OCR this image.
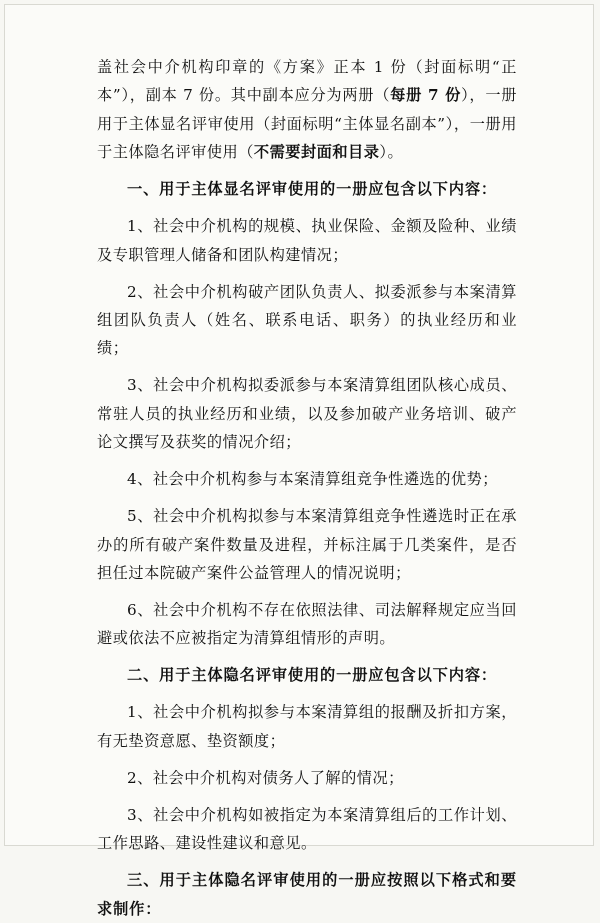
盖社会中介机构印章的《方案》正本 1 份（封面标明“正本”），副本 7 份。其中副本应分为两册（每册 7 份），一册用于主体显名评审使用（封面标明“主体显名副本”），一册用于主体隐名评审使用（不需要封面和目录）。

一、用于主体显名评审使用的一册应包含以下内容：

1、社会中介机构的规模、执业保险、金额及险种、业绩及专职管理人储备和团队构建情况；

2、社会中介机构破产团队负责人、拟委派参与本案清算组团队负责人（姓名、联系电话、职务）的执业经历和业绩；

3、社会中介机构拟委派参与本案清算组团队核心成员、常驻人员的执业经历和业绩，以及参加破产业务培训、破产论文撰写及获奖的情况介绍；

4、社会中介机构参与本案清算组竞争性遴选的优势；

5、社会中介机构拟参与本案清算组竞争性遴选时正在承办的所有破产案件数量及进程，并标注属于几类案件，是否担任过本院破产案件公益管理人的情况说明；

6、社会中介机构不存在依照法律、司法解释规定应当回避或依法不应被指定为清算组情形的声明。

二、用于主体隐名评审使用的一册应包含以下内容：

1、社会中介机构拟参与本案清算组的报酬及折扣方案，有无垫资意愿、垫资额度；

2、社会中介机构对债务人了解的情况；

3、社会中介机构如被指定为本案清算组后的工作计划、工作思路、建设性建议和意见。

三、用于主体隐名评审使用的一册应按照以下格式和要求制作：
